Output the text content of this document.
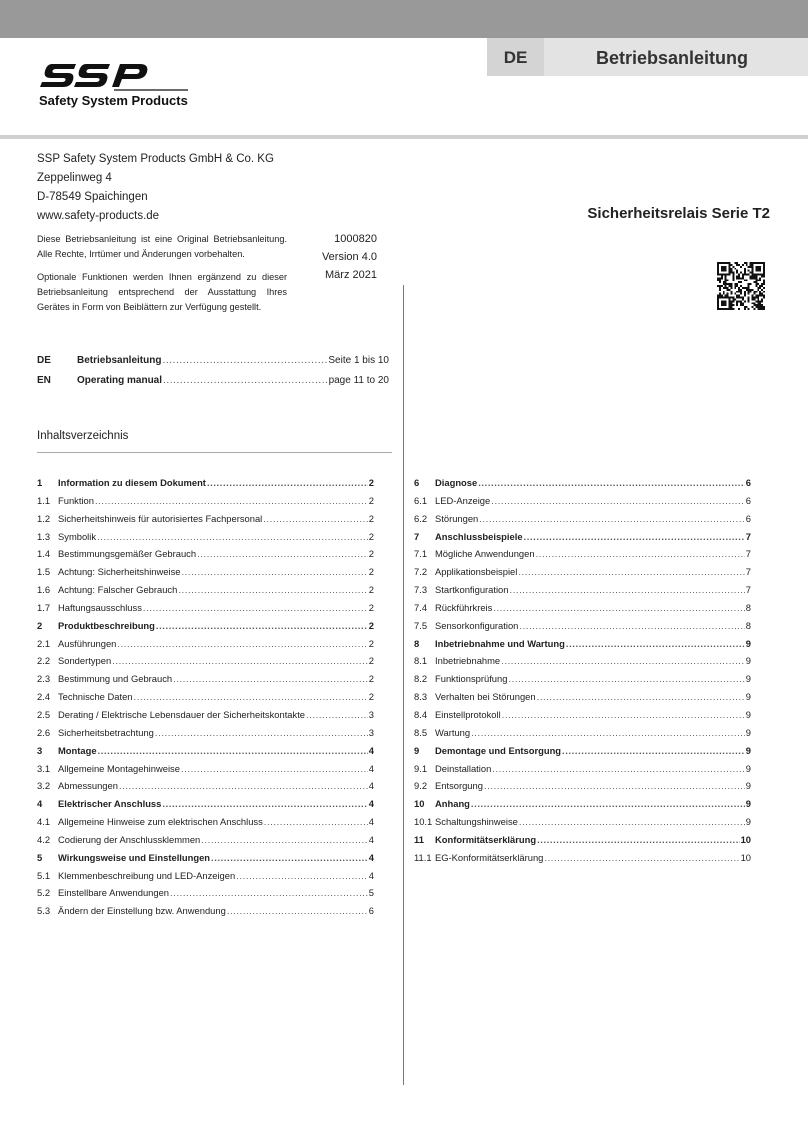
DE	Betriebsanleitung
Safety System Products
SSP Safety System Products GmbH & Co. KG
Zeppelinweg 4
D-78549 Spaichingen
www.safety-products.de	Sicherheitsrelais Serie T2
Diese Betriebsanleitung ist eine Original Betriebsanleitung. Alle Rechte, Irrtümer und Änderungen vorbehalten.
Optionale Funktionen werden Ihnen ergänzend zu dieser Betriebsanleitung entsprechend der Ausstattung Ihres Gerätes in Form von Beiblättern zur Verfügung gestellt.
1000820
Version 4.0
März 2021
DE	Betriebsanleitung .....	Seite 1 bis 10
EN	Operating manual .....	page 11 to 20
Inhaltsverzeichnis
1 Information zu diesem Dokument .....	2
1.1 Funktion .....	2
1.2 Sicherheitshinweis für autorisiertes Fachpersonal .....	2
1.3 Symbolik .....	2
1.4 Bestimmungsgemäßer Gebrauch .....	2
1.5 Achtung: Sicherheitshinweise .....	2
1.6 Achtung: Falscher Gebrauch .....	2
1.7 Haftungsausschluss .....	2
2 Produktbeschreibung .....	2
2.1 Ausführungen .....	2
2.2 Sondertypen .....	2
2.3 Bestimmung und Gebrauch .....	2
2.4 Technische Daten .....	2
2.5 Derating / Elektrische Lebensdauer der Sicherheitskontakte .....	3
2.6 Sicherheitsbetrachtung .....	3
3 Montage .....	4
3.1 Allgemeine Montagehinweise .....	4
3.2 Abmessungen .....	4
4 Elektrischer Anschluss .....	4
4.1 Allgemeine Hinweise zum elektrischen Anschluss .....	4
4.2 Codierung der Anschlussklemmen .....	4
5 Wirkungsweise und Einstellungen .....	4
5.1 Klemmenbeschreibung und LED-Anzeigen .....	4
5.2 Einstellbare Anwendungen .....	5
5.3 Ändern der Einstellung bzw. Anwendung .....	6
6 Diagnose .....	6
6.1 LED-Anzeige .....	6
6.2 Störungen .....	6
7 Anschlussbeispiele .....	7
7.1 Mögliche Anwendungen .....	7
7.2 Applikationsbeispiel .....	7
7.3 Startkonfiguration .....	7
7.4 Rückführkreis .....	8
7.5 Sensorkonfiguration .....	8
8 Inbetriebnahme und Wartung .....	9
8.1 Inbetriebnahme .....	9
8.2 Funktionsprüfung .....	9
8.3 Verhalten bei Störungen .....	9
8.4 Einstellprotokoll .....	9
8.5 Wartung .....	9
9 Demontage und Entsorgung .....	9
9.1 Deinstallation .....	9
9.2 Entsorgung .....	9
10 Anhang .....	9
10.1 Schaltungshinweise .....	9
11 Konformitätserklärung .....	10
11.1 EG-Konformitätserklärung .....	10
